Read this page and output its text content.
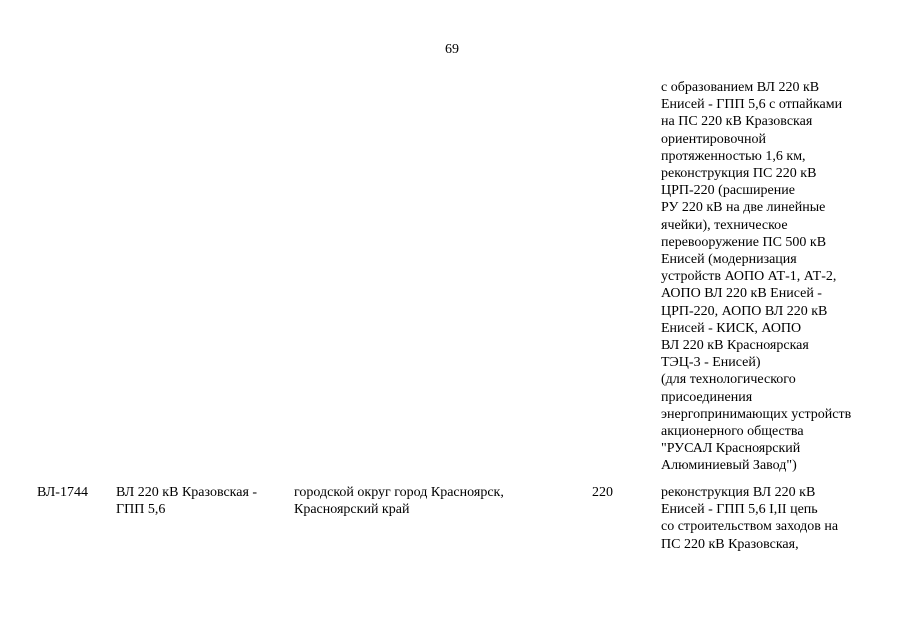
69
с образованием ВЛ 220 кВ
Енисей - ГПП 5,6 с отпайками
на ПС 220 кВ Кразовская
ориентировочной
протяженностью 1,6 км,
реконструкция ПС 220 кВ
ЦРП-220 (расширение
РУ 220 кВ на две линейные
ячейки), техническое
перевооружение ПС 500 кВ
Енисей (модернизация
устройств АОПО АТ-1, АТ-2,
АОПО ВЛ 220 кВ Енисей -
ЦРП-220, АОПО ВЛ 220 кВ
Енисей - КИСК, АОПО
ВЛ 220 кВ Красноярская
ТЭЦ-3 - Енисей)
(для технологического
присоединения
энергопринимающих устройств
акционерного общества
"РУСАЛ Красноярский
Алюминиевый Завод")
ВЛ-1744 ВЛ 220 кВ Кразовская -
ГПП 5,6
городской округ город Красноярск,
Красноярский край
220	реконструкция ВЛ 220 кВ
Енисей - ГПП 5,6 I,II цепь
со строительством заходов на
ПС 220 кВ Кразовская,
